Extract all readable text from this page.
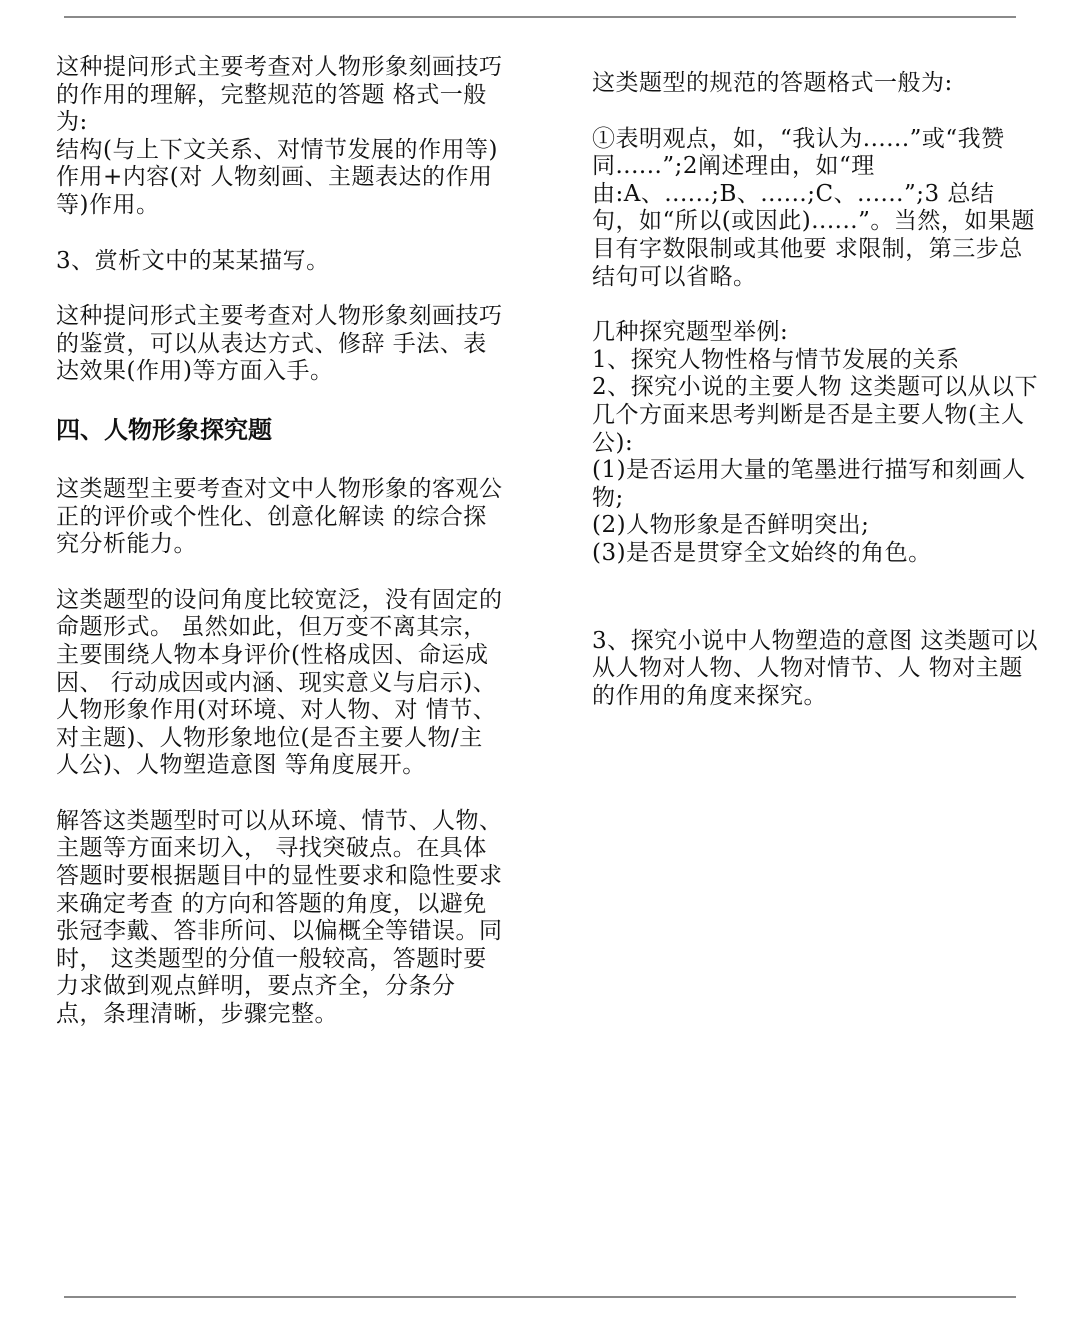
这种提问形式主要考查对人物形象刻画技巧的作用的理解，完整规范的答题 格式一般为:
结构(与上下文关系、对情节发展的作用等)作用+内容(对 人物刻画、主题表达的作用等)作用。

3、赏析文中的某某描写。

这种提问形式主要考查对人物形象刻画技巧的鉴赏，可以从表达方式、修辞 手法、表达效果(作用)等方面入手。

四、人物形象探究题

这类题型主要考查对文中人物形象的客观公正的评价或个性化、创意化解读 的综合探究分析能力。

这类题型的设问角度比较宽泛，没有固定的命题形式。 虽然如此，但万变不离其宗，主要围绕人物本身评价(性格成因、命运成因、 行动成因或内涵、现实意义与启示)、人物形象作用(对环境、对人物、对 情节、对主题)、人物形象地位(是否主要人物/主人公)、人物塑造意图 等角度展开。

解答这类题型时可以从环境、情节、人物、主题等方面来切入， 寻找突破点。在具体答题时要根据题目中的显性要求和隐性要求来确定考查 的方向和答题的角度，以避免张冠李戴、答非所问、以偏概全等错误。同时， 这类题型的分值一般较高，答题时要力求做到观点鲜明，要点齐全，分条分 点，条理清晰，步骤完整。

这类题型的规范的答题格式一般为:

①表明观点，如，“我认为......”或“我赞同......”;2阐述理由，如“理由:A、......;B、......;C、......”;3 总结句，如“所以(或因此)......”。当然，如果题目有字数限制或其他要 求限制，第三步总结句可以省略。

几种探究题型举例:
1、探究人物性格与情节发展的关系
2、探究小说的主要人物 这类题可以从以下几个方面来思考判断是否是主要人物(主人公):
(1)是否运用大量的笔墨进行描写和刻画人物;
(2)人物形象是否鲜明突出;
(3)是否是贯穿全文始终的角色。

3、探究小说中人物塑造的意图 这类题可以从人物对人物、人物对情节、人 物对主题的作用的角度来探究。
